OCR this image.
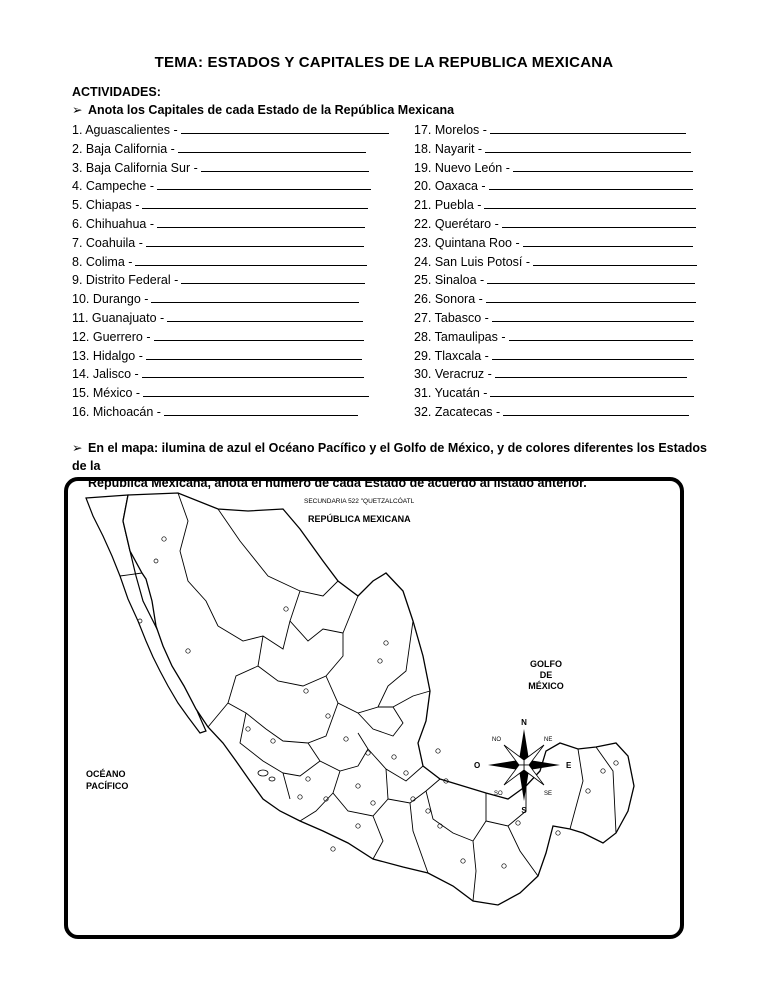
TEMA: ESTADOS Y CAPITALES DE LA REPUBLICA MEXICANA
ACTIVIDADES:
➢ Anota los Capitales de cada Estado de la República Mexicana
1. Aguascalientes -
2. Baja California -
3. Baja California Sur -
4. Campeche -
5. Chiapas -
6. Chihuahua -
7. Coahuila -
8. Colima -
9. Distrito Federal -
10. Durango -
11. Guanajuato -
12. Guerrero -
13. Hidalgo -
14. Jalisco -
15. México -
16. Michoacán -
17. Morelos -
18. Nayarit -
19. Nuevo León -
20. Oaxaca -
21. Puebla -
22. Querétaro -
23. Quintana Roo -
24. San Luis Potosí -
25. Sinaloa -
26. Sonora -
27. Tabasco -
28. Tamaulipas -
29. Tlaxcala -
30. Veracruz -
31. Yucatán -
32. Zacatecas -
➢ En el mapa: ilumina de azul el Océano Pacífico y el Golfo de México, y de colores diferentes los Estados de la
República Mexicana, anota el número de cada Estado de acuerdo al listado anterior.
SECUNDARIA 522 "QUETZALCÓATL
REPÚBLICA MEXICANA
GOLFO
DE
MÉXICO
OCÉANO
PACÍFICO
N
S
E
O
NE
NO
SE
SO
